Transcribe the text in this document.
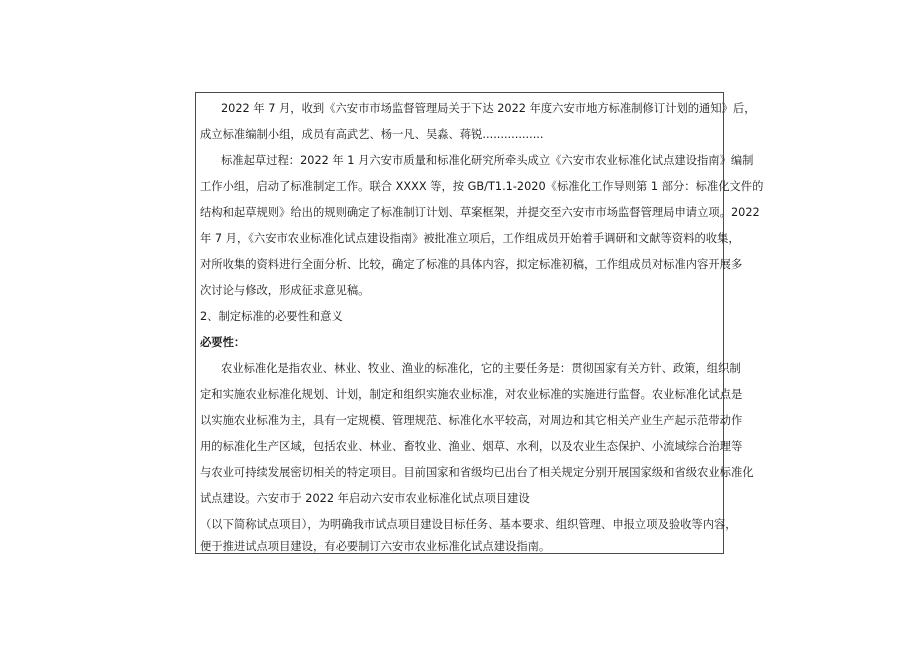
2022 年 7 月，收到《六安市市场监督管理局关于下达 2022 年度六安市地方标准制修订计划的通知》后，
成立标准编制小组，成员有高武艺、杨一凡、吴淼、蒋锐.................
标准起草过程：2022 年 1 月六安市质量和标准化研究所牵头成立《六安市农业标准化试点建设指南》编制
工作小组，启动了标准制定工作。联合 XXXX 等，按 GB/T1.1-2020《标准化工作导则第 1 部分：标准化文件的
结构和起草规则》给出的规则确定了标准制订计划、草案框架，并提交至六安市市场监督管理局申请立项。2022
年 7 月，《六安市农业标准化试点建设指南》被批准立项后，工作组成员开始着手调研和文献等资料的收集，
对所收集的资料进行全面分析、比较，确定了标准的具体内容，拟定标准初稿，工作组成员对标准内容开展多
次讨论与修改，形成征求意见稿。
2、制定标准的必要性和意义
必要性：
农业标准化是指农业、林业、牧业、渔业的标准化，它的主要任务是：贯彻国家有关方针、政策，组织制
定和实施农业标准化规划、计划，制定和组织实施农业标准，对农业标准的实施进行监督。农业标准化试点是
以实施农业标准为主，具有一定规模、管理规范、标准化水平较高，对周边和其它相关产业生产起示范带动作
用的标准化生产区域，包括农业、林业、畜牧业、渔业、烟草、水利，以及农业生态保护、小流域综合治理等
与农业可持续发展密切相关的特定项目。目前国家和省级均已出台了相关规定分别开展国家级和省级农业标准化
试点建设。六安市于 2022 年启动六安市农业标准化试点项目建设
（以下简称试点项目），为明确我市试点项目建设目标任务、基本要求、组织管理、申报立项及验收等内容，
便于推进试点项目建设，有必要制订六安市农业标准化试点建设指南。
